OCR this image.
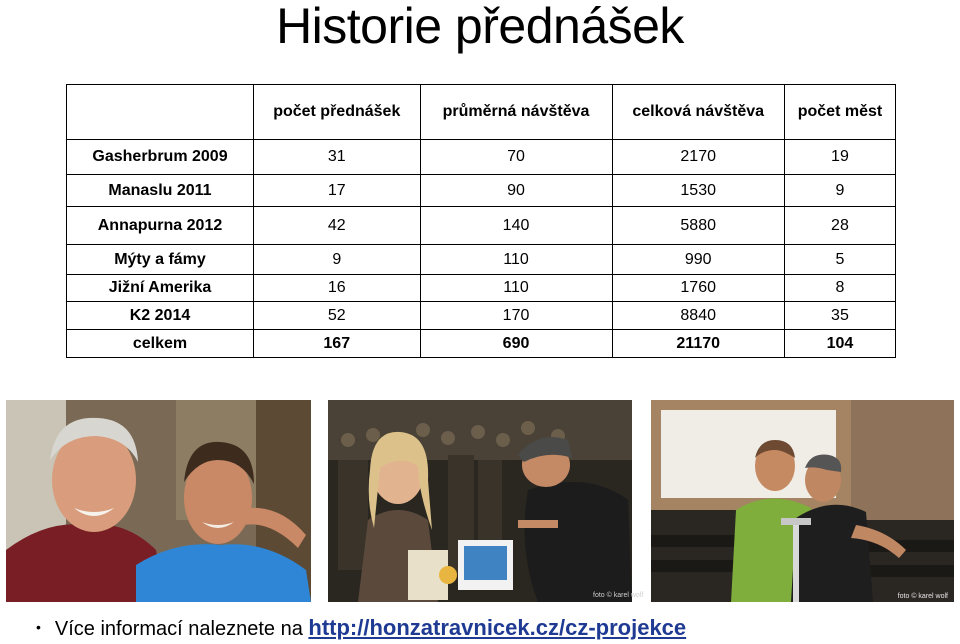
Historie přednášek
	počet přednášek	průměrná návštěva	celková návštěva	počet měst
Gasherbrum 2009	31	70	2170	19
Manaslu 2011	17	90	1530	9
Annapurna 2012	42	140	5880	28
Mýty a fámy	9	110	990	5
Jižní Amerika	16	110	1760	8
K2 2014	52	170	8840	35
celkem	167	690	21170	104
foto © karel wolf
• Více informací naleznete na http://honzatravnicek.cz/cz-projekce
foto © karel wolf
